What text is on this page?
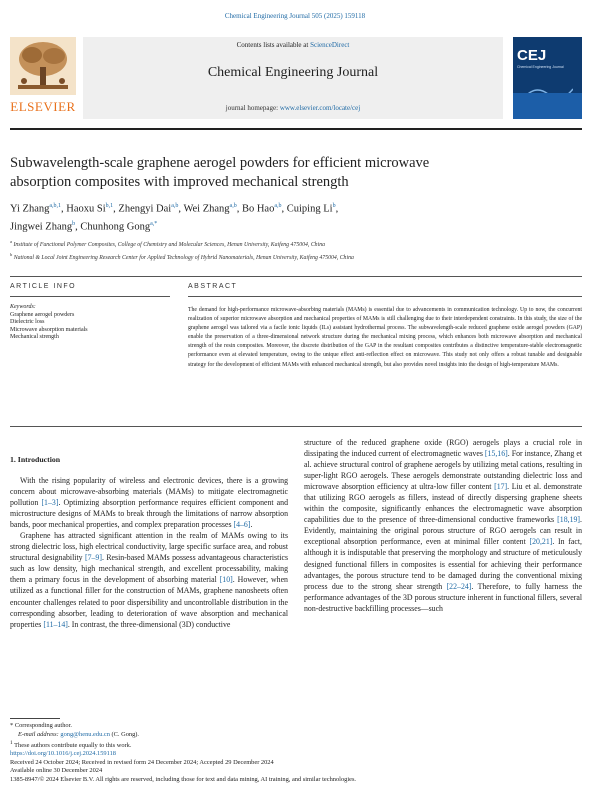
Chemical Engineering Journal 505 (2025) 159118
ELSEVIER
Contents lists available at ScienceDirect
Chemical Engineering Journal
journal homepage: www.elsevier.com/locate/cej
CEJ
Chemical Engineering Journal
Subwavelength-scale graphene aerogel powders for efficient microwave
absorption composites with improved mechanical strength
Yi Zhang$^{a,b,1}$, Haoxu Si$^{b,1}$, Zhengyi Dai$^{a,b}$, Wei Zhang$^{a,b}$, Bo Hao$^{a,b}$, Cuiping Li$^b$,
Jingwei Zhang$^b$, Chunhong Gong$^{a,*}$
$^a$ Institute of Functional Polymer Composites, College of Chemistry and Molecular Sciences, Henan University, Kaifeng 475004, China
$^b$ National & Local Joint Engineering Research Center for Applied Technology of Hybrid Nanomaterials, Henan University, Kaifeng 475004, China
ARTICLE INFO	ABSTRACT
Keywords:
Graphene aerogel powders
Dielectric loss
Microwave absorption materials
Mechanical strength
The demand for high-performance microwave-absorbing materials (MAMs) is essential due to advancements in communication technology. Up to now, the concurrent realization of superior microwave absorption and mechanical properties of MAMs is still challenging due to their interdependent constraints. In this study, the size of the graphene aerogel was tailored via a facile ionic liquids (ILs) assistant hydrothermal process. The subwavelength-scale reduced graphene oxide aerogel powders (GAP) enable the preservation of a three-dimensional network structure during the mechanical mixing process, which enhances both microwave absorption and mechanical strength of the resin composites. Moreover, the discrete distribution of the GAP in the resultant composites contributes a distinctive temperature-stable electromagnetic performance even at elevated temperature, owing to the unique effect anti-reflection effect on microwave. This study not only offers a robust tunable and designable strategy for the development of efficient MAMs with enhanced mechanical strength, but also provides novel insights into the design of high-temperature MAMs.
1. Introduction

With the rising popularity of wireless and electronic devices, there is a growing concern about microwave-absorbing materials (MAMs) to mitigate electromagnetic pollution [1–3]. Optimizing absorption performance requires efficient component and microstructure designs of MAMs to break through the limitations of narrow absorption bands, poor mechanical properties, and complex preparation processes [4–6].

Graphene has attracted significant attention in the realm of MAMs owing to its strong dielectric loss, high electrical conductivity, large specific surface area, and robust structural designability [7–9]. Resin-based MAMs possess advantageous characteristics such as low density, high mechanical strength, and excellent processability, making them a primary focus in the development of absorbing material [10]. However, when utilized as a functional filler for the construction of MAMs, graphene nanosheets often encounter challenges related to poor dispersibility and uncontrollable distribution in the corresponding absorber, leading to deterioration of wave absorption and mechanical properties [11–14]. In contrast, the three-dimensional (3D) conductive

structure of the reduced graphene oxide (RGO) aerogels plays a crucial role in dissipating the induced current of electromagnetic waves [15,16]. For instance, Zhang et al. achieve structural control of graphene aerogels by utilizing metal cations, resulting in super-light RGO aerogels. These aerogels demonstrate outstanding dielectric loss and microwave absorption efficiency at ultra-low filler content [17]. Liu et al. demonstrate that utilizing RGO aerogels as fillers, instead of directly dispersing graphene sheets within the composite, significantly enhances the electromagnetic wave absorption capabilities due to the presence of three-dimensional conductive frameworks [18,19]. Evidently, maintaining the original porous structure of RGO aerogels can result in exceptional absorption performance, even at minimal filler content [20,21]. In fact, although it is indisputable that preserving the morphology and structure of meticulously designed functional fillers in composites is essential for achieving their performance advantages, the porous structure tend to be damaged during the conventional mixing process due to the strong shear strength [22–24]. Therefore, to fully harness the performance advantages of the 3D porous structure inherent in functional fillers, several non-destructive backfilling processes—such

* Corresponding author.
E-mail address: gong@henu.edu.cn (C. Gong).
$^1$ These authors contribute equally to this work.
https://doi.org/10.1016/j.cej.2024.159118
Received 24 October 2024; Received in revised form 24 December 2024; Accepted 29 December 2024
Available online 30 December 2024
1385-8947/© 2024 Elsevier B.V. All rights are reserved, including those for text and data mining, AI training, and similar technologies.
